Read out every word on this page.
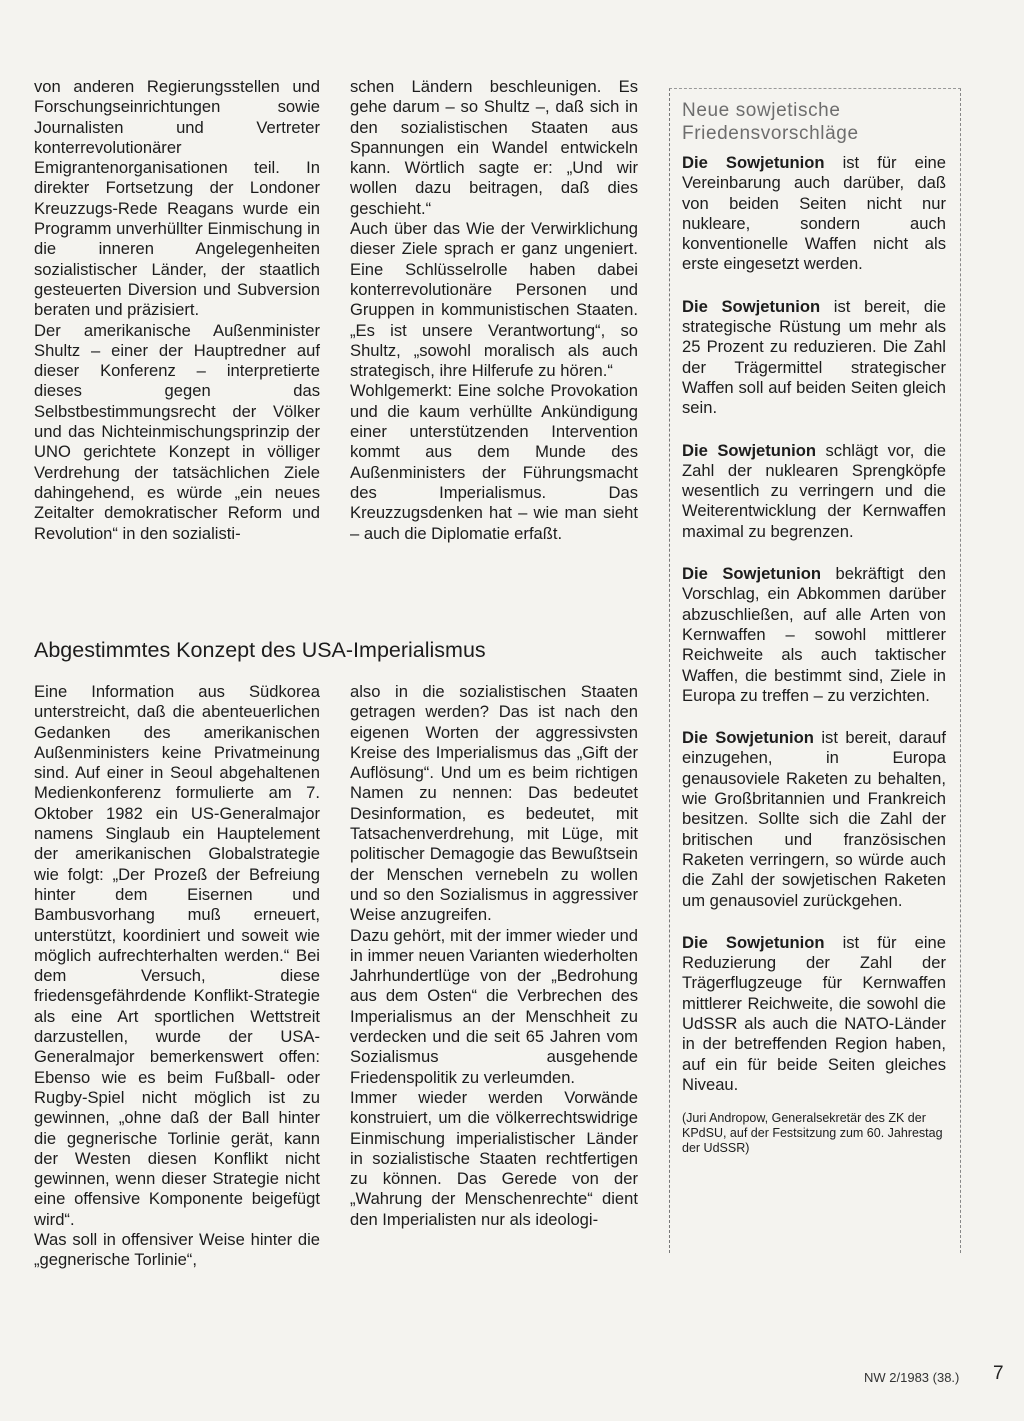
von anderen Regierungsstellen und Forschungseinrichtungen sowie Journalisten und Vertreter konterrevolutionärer Emigrantenorganisationen teil. In direkter Fortsetzung der Londoner Kreuzzugs-Rede Reagans wurde ein Programm unverhüllter Einmischung in die inneren Angelegenheiten sozialistischer Länder, der staatlich gesteuerten Diversion und Subversion beraten und präzisiert.

Der amerikanische Außenminister Shultz – einer der Hauptredner auf dieser Konferenz – interpretierte dieses gegen das Selbstbestimmungsrecht der Völker und das Nichteinmischungsprinzip der UNO gerichtete Konzept in völliger Verdrehung der tatsächlichen Ziele dahingehend, es würde „ein neues Zeitalter demokratischer Reform und Revolution“ in den sozialisti-

schen Ländern beschleunigen. Es gehe darum – so Shultz –, daß sich in den sozialistischen Staaten aus Spannungen ein Wandel entwickeln kann. Wörtlich sagte er: „Und wir wollen dazu beitragen, daß dies geschieht.“

Auch über das Wie der Verwirklichung dieser Ziele sprach er ganz ungeniert. Eine Schlüsselrolle haben dabei konterrevolutionäre Personen und Gruppen in kommunistischen Staaten. „Es ist unsere Verantwortung“, so Shultz, „sowohl moralisch als auch strategisch, ihre Hilferufe zu hören.“

Wohlgemerkt: Eine solche Provokation und die kaum verhüllte Ankündigung einer unterstützenden Intervention kommt aus dem Munde des Außenministers der Führungsmacht des Imperialismus. Das Kreuzzugsdenken hat – wie man sieht – auch die Diplomatie erfaßt.

Abgestimmtes Konzept des USA-Imperialismus

Eine Information aus Südkorea unterstreicht, daß die abenteuerlichen Gedanken des amerikanischen Außenministers keine Privatmeinung sind. Auf einer in Seoul abgehaltenen Medienkonferenz formulierte am 7. Oktober 1982 ein US-Generalmajor namens Singlaub ein Hauptelement der amerikanischen Globalstrategie wie folgt: „Der Prozeß der Befreiung hinter dem Eisernen und Bambusvorhang muß erneuert, unterstützt, koordiniert und soweit wie möglich aufrechterhalten werden.“ Bei dem Versuch, diese friedensgefährdende Konflikt-Strategie als eine Art sportlichen Wettstreit darzustellen, wurde der USA-Generalmajor bemerkenswert offen: Ebenso wie es beim Fußball- oder Rugby-Spiel nicht möglich ist zu gewinnen, „ohne daß der Ball hinter die gegnerische Torlinie gerät, kann der Westen diesen Konflikt nicht gewinnen, wenn dieser Strategie nicht eine offensive Komponente beigefügt wird“.

Was soll in offensiver Weise hinter die „gegnerische Torlinie“,

also in die sozialistischen Staaten getragen werden? Das ist nach den eigenen Worten der aggressivsten Kreise des Imperialismus das „Gift der Auflösung“. Und um es beim richtigen Namen zu nennen: Das bedeutet Desinformation, es bedeutet, mit Tatsachenverdrehung, mit Lüge, mit politischer Demagogie das Bewußtsein der Menschen vernebeln zu wollen und so den Sozialismus in aggressiver Weise anzugreifen.

Dazu gehört, mit der immer wieder und in immer neuen Varianten wiederholten Jahrhundertlüge von der „Bedrohung aus dem Osten“ die Verbrechen des Imperialismus an der Menschheit zu verdecken und die seit 65 Jahren vom Sozialismus ausgehende Friedenspolitik zu verleumden.

Immer wieder werden Vorwände konstruiert, um die völkerrechtswidrige Einmischung imperialistischer Länder in sozialistische Staaten rechtfertigen zu können. Das Gerede von der „Wahrung der Menschenrechte“ dient den Imperialisten nur als ideologi-

Neue sowjetische Friedensvorschläge

Die Sowjetunion ist für eine Vereinbarung auch darüber, daß von beiden Seiten nicht nur nukleare, sondern auch konventionelle Waffen nicht als erste eingesetzt werden.

Die Sowjetunion ist bereit, die strategische Rüstung um mehr als 25 Prozent zu reduzieren. Die Zahl der Trägermittel strategischer Waffen soll auf beiden Seiten gleich sein.

Die Sowjetunion schlägt vor, die Zahl der nuklearen Sprengköpfe wesentlich zu verringern und die Weiterentwicklung der Kernwaffen maximal zu begrenzen.

Die Sowjetunion bekräftigt den Vorschlag, ein Abkommen darüber abzuschließen, auf alle Arten von Kernwaffen – sowohl mittlerer Reichweite als auch taktischer Waffen, die bestimmt sind, Ziele in Europa zu treffen – zu verzichten.

Die Sowjetunion ist bereit, darauf einzugehen, in Europa genausoviele Raketen zu behalten, wie Großbritannien und Frankreich besitzen. Sollte sich die Zahl der britischen und französischen Raketen verringern, so würde auch die Zahl der sowjetischen Raketen um genausoviel zurückgehen.

Die Sowjetunion ist für eine Reduzierung der Zahl der Trägerflugzeuge für Kernwaffen mittlerer Reichweite, die sowohl die UdSSR als auch die NATO-Länder in der betreffenden Region haben, auf ein für beide Seiten gleiches Niveau.

(Juri Andropow, Generalsekretär des ZK der KPdSU, auf der Festsitzung zum 60. Jahrestag der UdSSR)

NW 2/1983 (38.) 7
